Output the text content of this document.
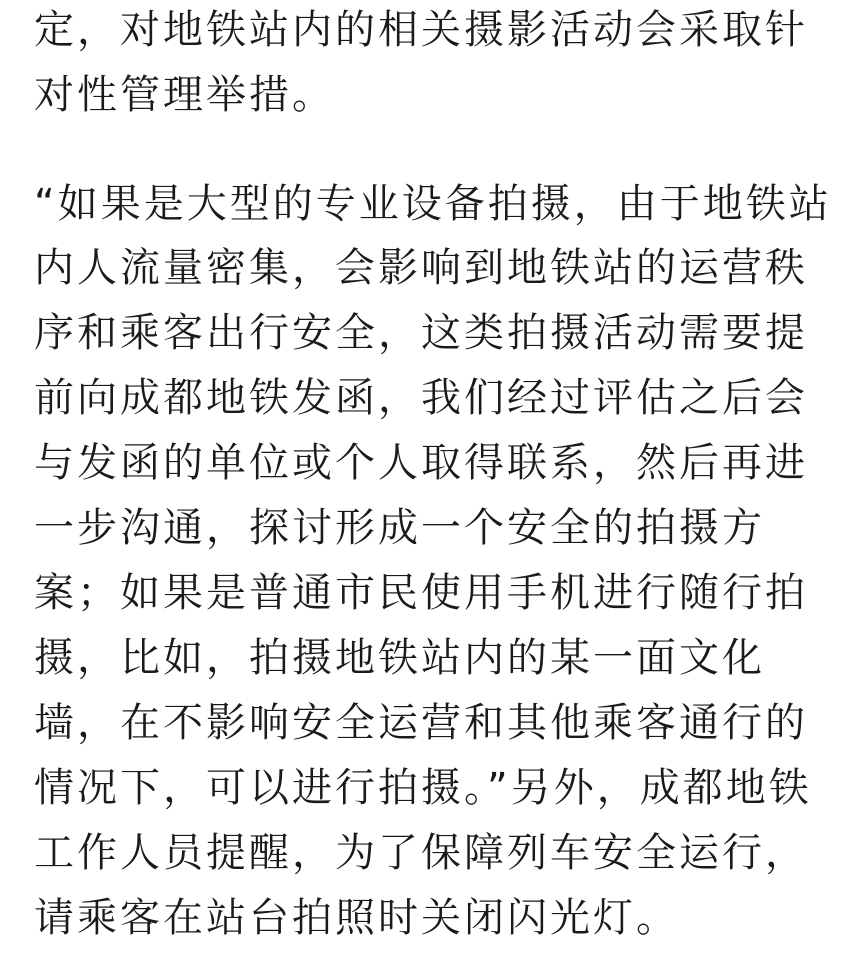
定，对地铁站内的相关摄影活动会采取针
对性管理举措。
“如果是大型的专业设备拍摄，由于地铁站
内人流量密集，会影响到地铁站的运营秩
序和乘客出行安全，这类拍摄活动需要提
前向成都地铁发函，我们经过评估之后会
与发函的单位或个人取得联系，然后再进
一步沟通，探讨形成一个安全的拍摄方
案；如果是普通市民使用手机进行随行拍
摄，比如，拍摄地铁站内的某一面文化
墙，在不影响安全运营和其他乘客通行的
情况下，可以进行拍摄。”另外，成都地铁
工作人员提醒，为了保障列车安全运行，
请乘客在站台拍照时关闭闪光灯。
